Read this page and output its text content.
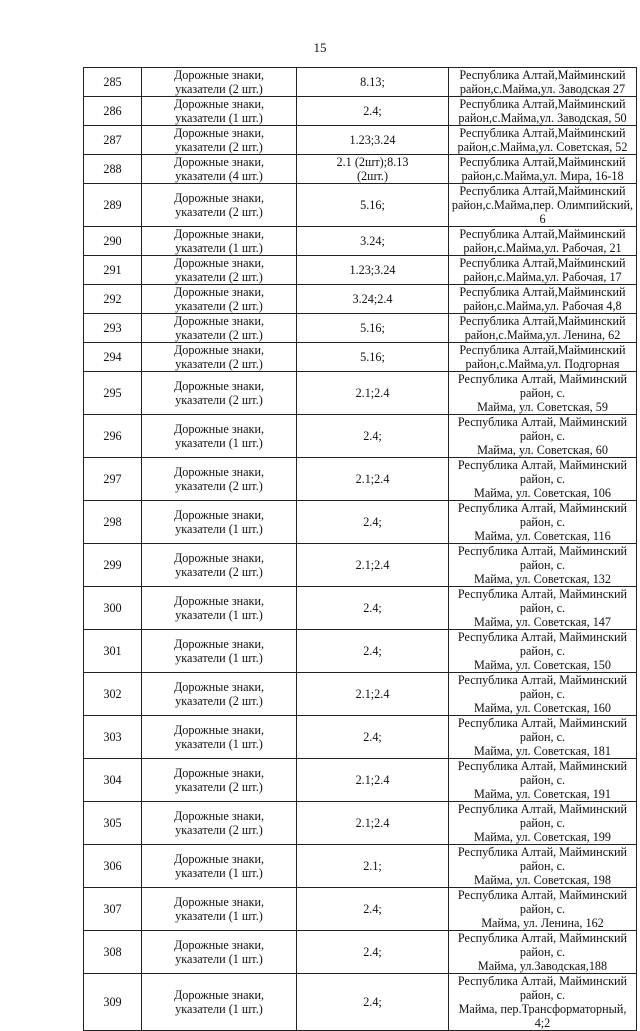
15
285	Дорожные знаки,
указатели (2 шт.)	8.13;	Республика Алтай,Майминский
район,с.Майма,ул. Заводская 27

286	Дорожные знаки,
указатели (1 шт.)	2.4;	Республика Алтай,Майминский
район,с.Майма,ул. Заводская, 50

287	Дорожные знаки,
указатели (2 шт.)	1.23;3.24	Республика Алтай,Майминский
район,с.Майма,ул. Советская, 52

288	Дорожные знаки,
указатели (4 шт.)	2.1 (2шт);8.13
(2шт.)	Республика Алтай,Майминский
район,с.Майма,ул. Мира, 16-18

289	Дорожные знаки,
указатели (2 шт.)	5.16;	Республика Алтай,Майминский
район,с.Майма,пер. Олимпийский, 6

290	Дорожные знаки,
указатели (1 шт.)	3.24;	Республика Алтай,Майминский
район,с.Майма,ул. Рабочая, 21

291	Дорожные знаки,
указатели (2 шт.)	1.23;3.24	Республика Алтай,Майминский
район,с.Майма,ул. Рабочая, 17

292	Дорожные знаки,
указатели (2 шт.)	3.24;2.4	Республика Алтай,Майминский
район,с.Майма,ул. Рабочая 4,8

293	Дорожные знаки,
указатели (2 шт.)	5.16;	Республика Алтай,Майминский
район,с.Майма,ул. Ленина, 62

294	Дорожные знаки,
указатели (2 шт.)	5.16;	Республика Алтай,Майминский
район,с.Майма,ул. Подгорная

295	Дорожные знаки,
указатели (2 шт.)	2.1;2.4	Республика Алтай, Майминский район, с.
Майма, ул. Советская, 59

296	Дорожные знаки,
указатели (1 шт.)	2.4;	Республика Алтай, Майминский район, с.
Майма, ул. Советская, 60

297	Дорожные знаки,
указатели (2 шт.)	2.1;2.4	Республика Алтай, Майминский район, с.
Майма, ул. Советская, 106

298	Дорожные знаки,
указатели (1 шт.)	2.4;	Республика Алтай, Майминский район, с.
Майма, ул. Советская, 116

299	Дорожные знаки,
указатели (2 шт.)	2.1;2.4	Республика Алтай, Майминский район, с.
Майма, ул. Советская, 132

300	Дорожные знаки,
указатели (1 шт.)	2.4;	Республика Алтай, Майминский район, с.
Майма, ул. Советская, 147

301	Дорожные знаки,
указатели (1 шт.)	2.4;	Республика Алтай, Майминский район, с.
Майма, ул. Советская, 150

302	Дорожные знаки,
указатели (2 шт.)	2.1;2.4	Республика Алтай, Майминский район, с.
Майма, ул. Советская, 160

303	Дорожные знаки,
указатели (1 шт.)	2.4;	Республика Алтай, Майминский район, с.
Майма, ул. Советская, 181

304	Дорожные знаки,
указатели (2 шт.)	2.1;2.4	Республика Алтай, Майминский район, с.
Майма, ул. Советская, 191

305	Дорожные знаки,
указатели (2 шт.)	2.1;2.4	Республика Алтай, Майминский район, с.
Майма, ул. Советская, 199

306	Дорожные знаки,
указатели (1 шт.)	2.1;	Республика Алтай, Майминский район, с.
Майма, ул. Советская, 198

307	Дорожные знаки,
указатели (1 шт.)	2.4;	Республика Алтай, Майминский район, с.
Майма, ул. Ленина, 162

308	Дорожные знаки,
указатели (1 шт.)	2.4;	Республика Алтай, Майминский район, с.
Майма, ул.Заводская,188

309	Дорожные знаки,
указатели (1 шт.)	2.4;	Республика Алтай, Майминский район, с.
Майма, пер.Трансформаторный, 4;2
